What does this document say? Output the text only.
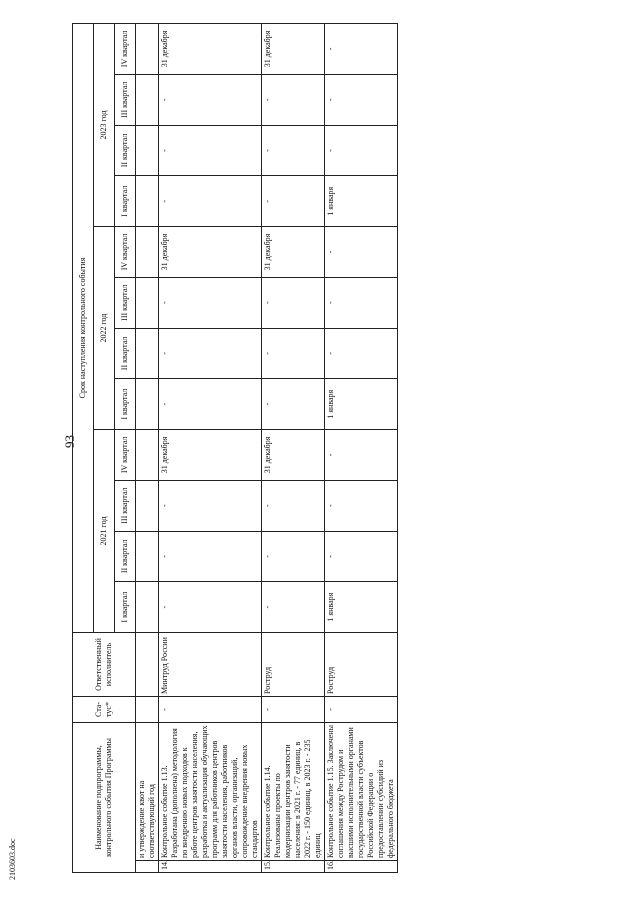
93
2103603.doc
Наименование подпрограммы, контрольного события Программы		Ста-тус*	Ответственный исполнитель	Срок наступления контрольного события											
				2021 год				2022 год				2023 год			
				I квартал	II квартал	III квартал	IV квартал	I квартал	II квартал	III квартал	IV квартал	I квартал	II квартал	III квартал	IV квартал
	и утверждение квот на соответствующий год														
14.	Контрольное событие 1.13. Разработана (дополнена) методология по внедрению новых подходов к работе центров занятости населения, разработка и актуализация обучающих программ для работников центров занятости населения, работников органов власти, организаций, сопровождение внедрения новых стандартов	-	Минтруд России	-	-	-	31 декабря	-	-	-	31 декабря	-	-	-	31 декабря
15.	Контрольное событие 1.14. Реализованы проекты по модернизации центров занятости населения: в 2021 г. - 77 единиц, в 2022 г. - 150 единиц, в 2023 г. - 235 единиц	-	Роструд	-	-	-	31 декабря	-	-	-	31 декабря	-	-	-	31 декабря
16.	Контрольное событие 1.15. Заключены соглашения между Рострудом и высшими исполнительными органами государственной власти субъектов Российской Федерации о предоставлении субсидий из федерального бюджета	-	Роструд	1 января	-	-	-	1 января	-	-	-	1 января	-	-	-
